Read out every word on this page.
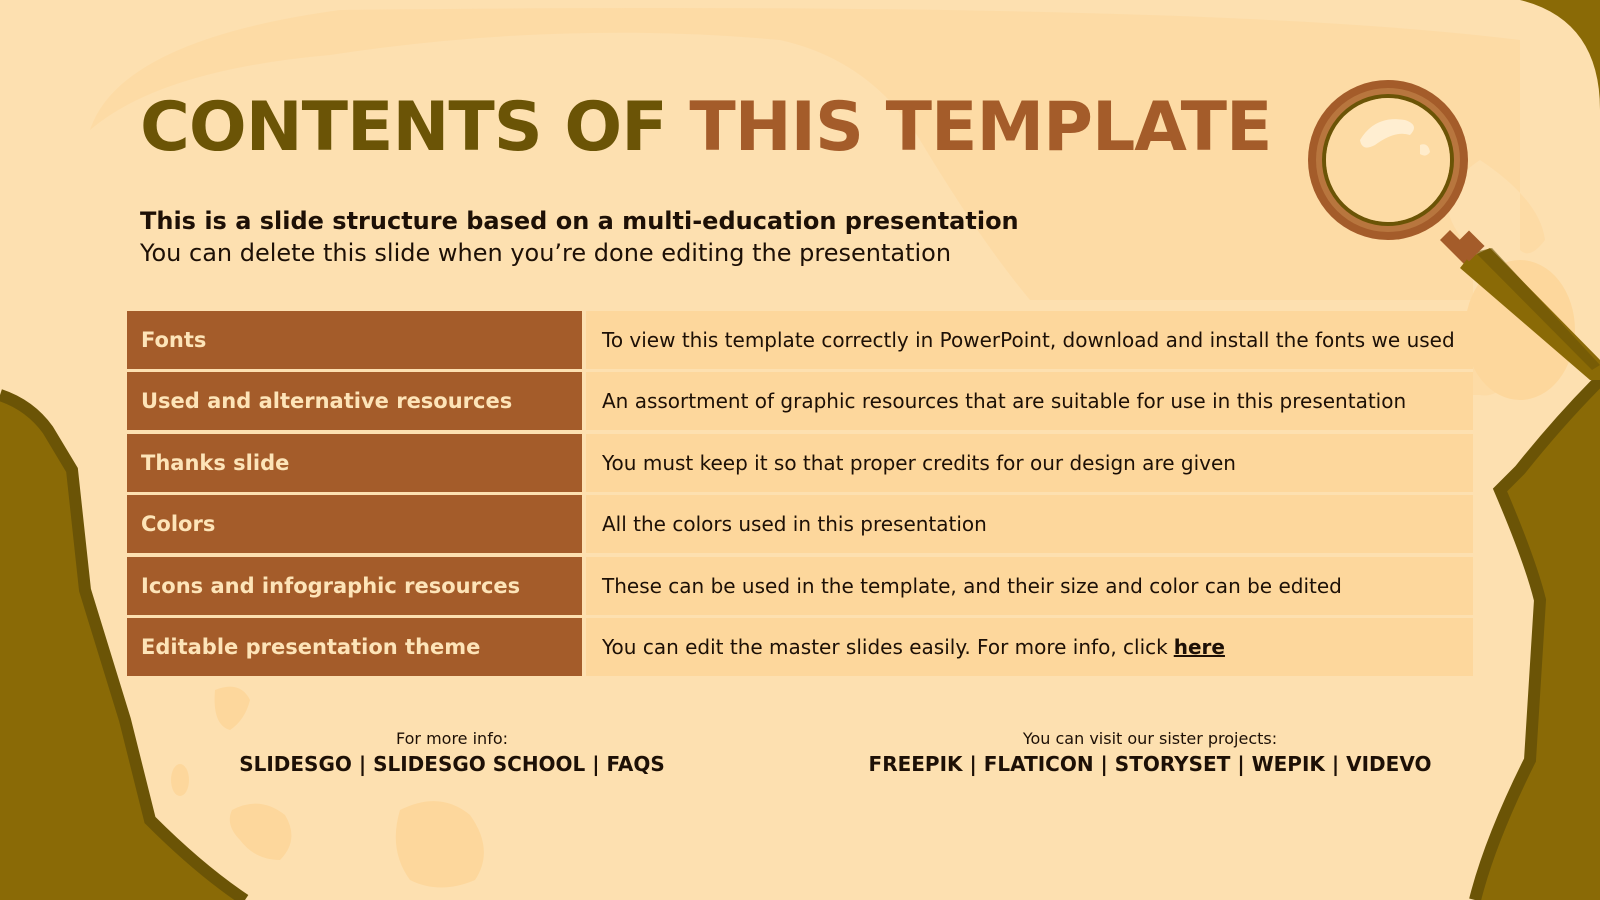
CONTENTS OF THIS TEMPLATE
This is a slide structure based on a multi-education presentation
You can delete this slide when you’re done editing the presentation
Fonts	To view this template correctly in PowerPoint, download and install the fonts we used
Used and alternative resources	An assortment of graphic resources that are suitable for use in this presentation
Thanks slide	You must keep it so that proper credits for our design are given
Colors	All the colors used in this presentation
Icons and infographic resources	These can be used in the template, and their size and color can be edited
Editable presentation theme	You can edit the master slides easily. For more info, click here
For more info:
SLIDESGO | SLIDESGO SCHOOL | FAQS
You can visit our sister projects:
FREEPIK | FLATICON | STORYSET | WEPIK | VIDEVO
